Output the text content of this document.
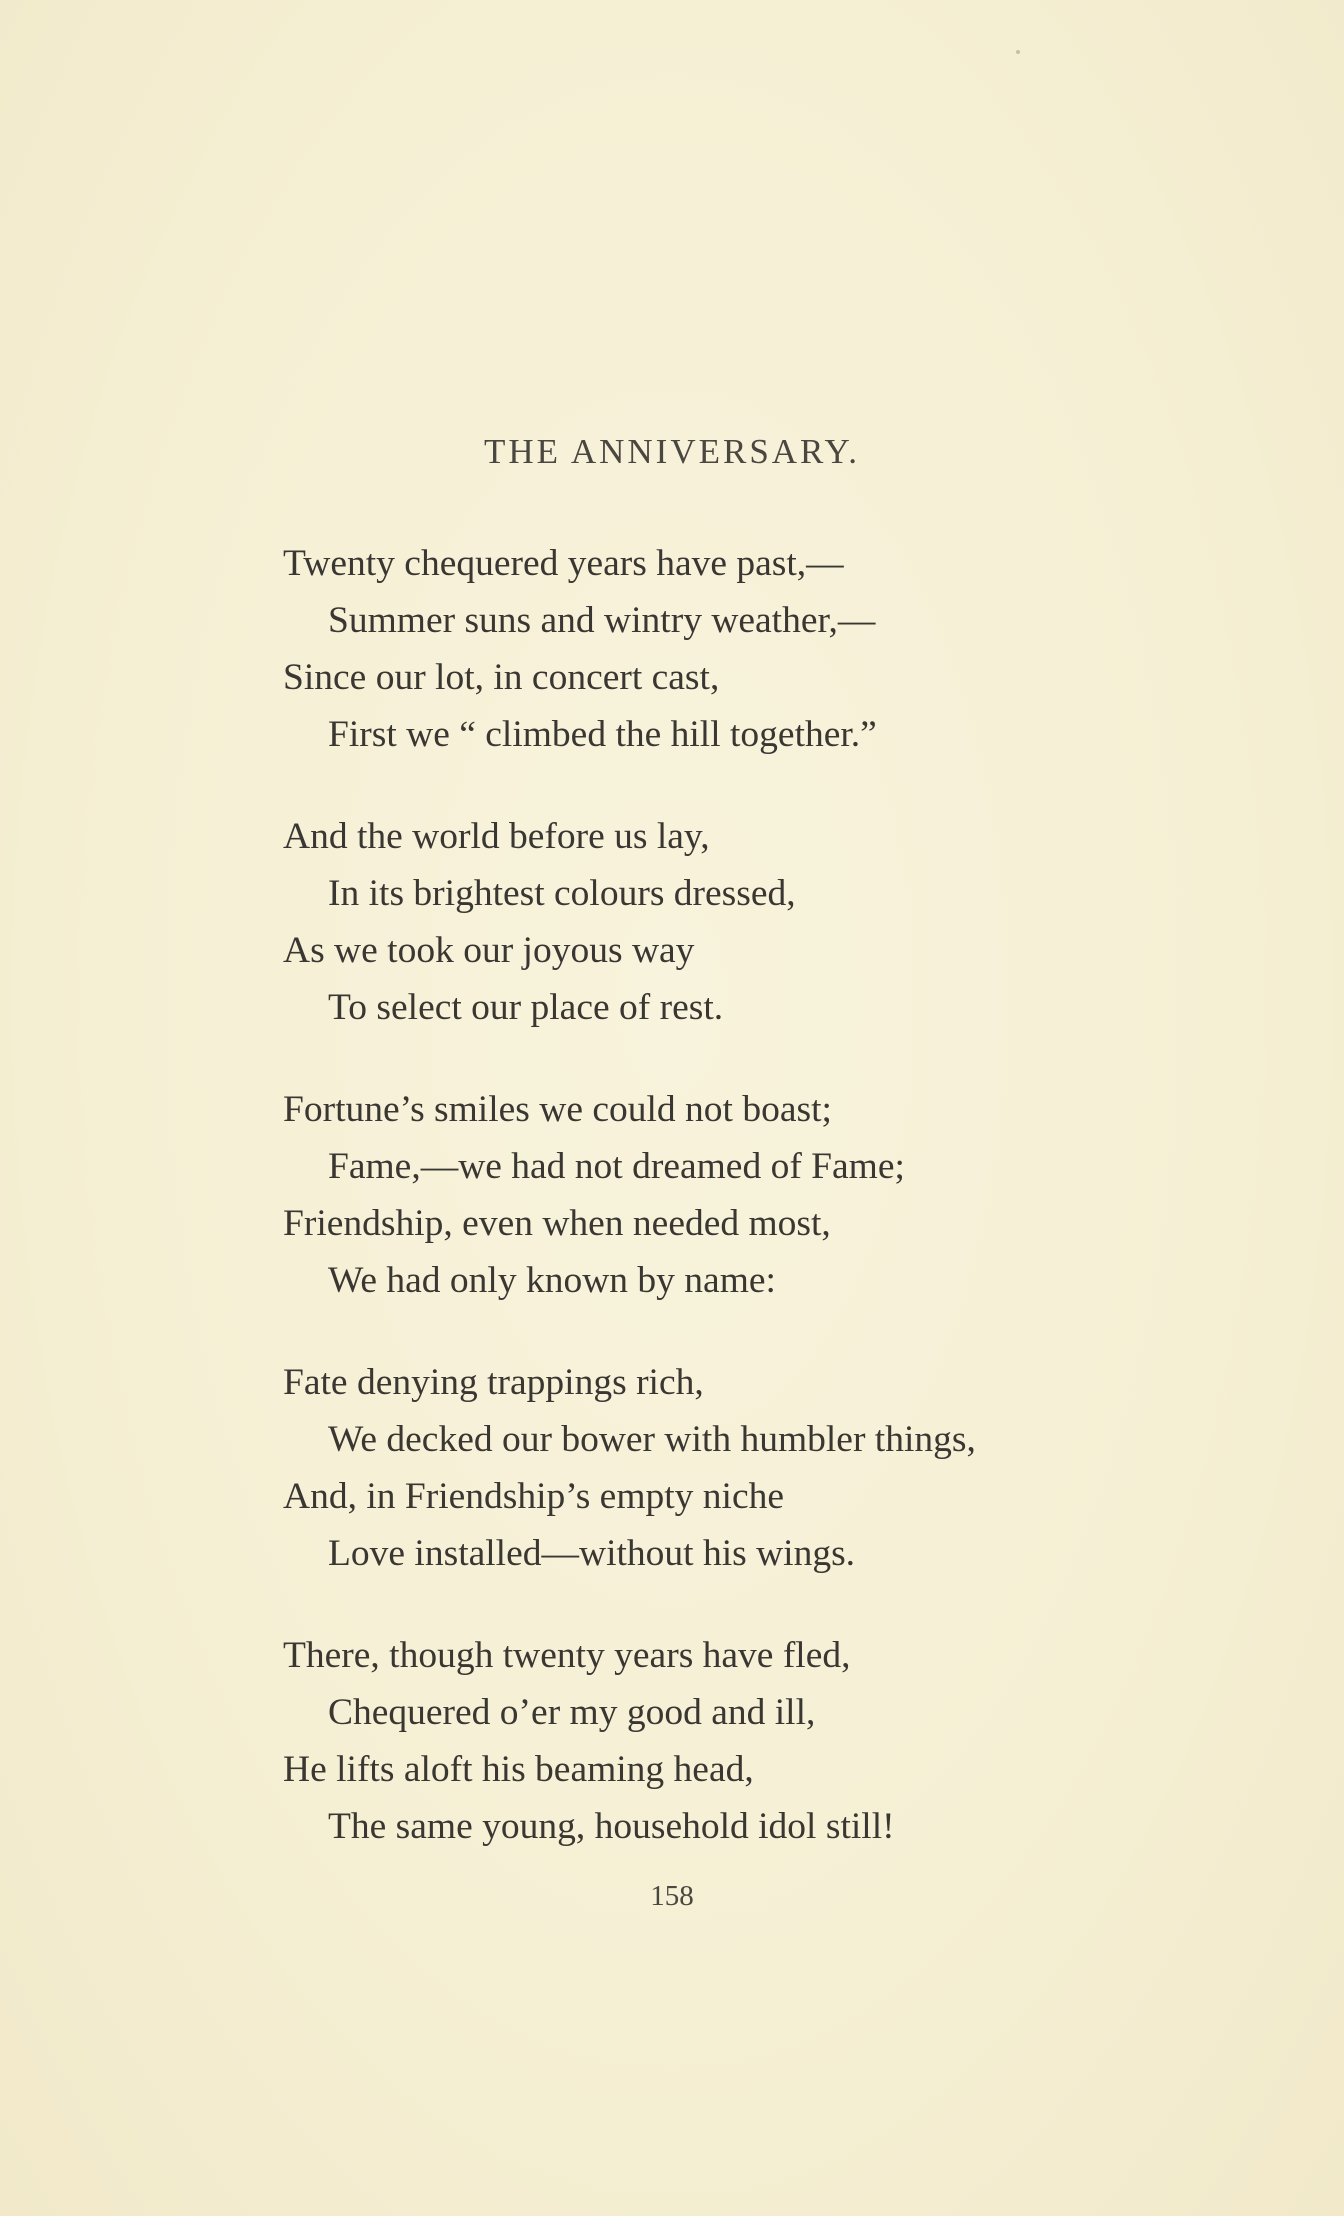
THE ANNIVERSARY.
Twenty chequered years have past,—
Summer suns and wintry weather,—
Since our lot, in concert cast,
First we “ climbed the hill together.”
And the world before us lay,
In its brightest colours dressed,
As we took our joyous way
To select our place of rest.
Fortune’s smiles we could not boast;
Fame,—we had not dreamed of Fame;
Friendship, even when needed most,
We had only known by name:
Fate denying trappings rich,
We decked our bower with humbler things,
And, in Friendship’s empty niche
Love installed—without his wings.
There, though twenty years have fled,
Chequered o’er my good and ill,
He lifts aloft his beaming head,
The same young, household idol still!
158
